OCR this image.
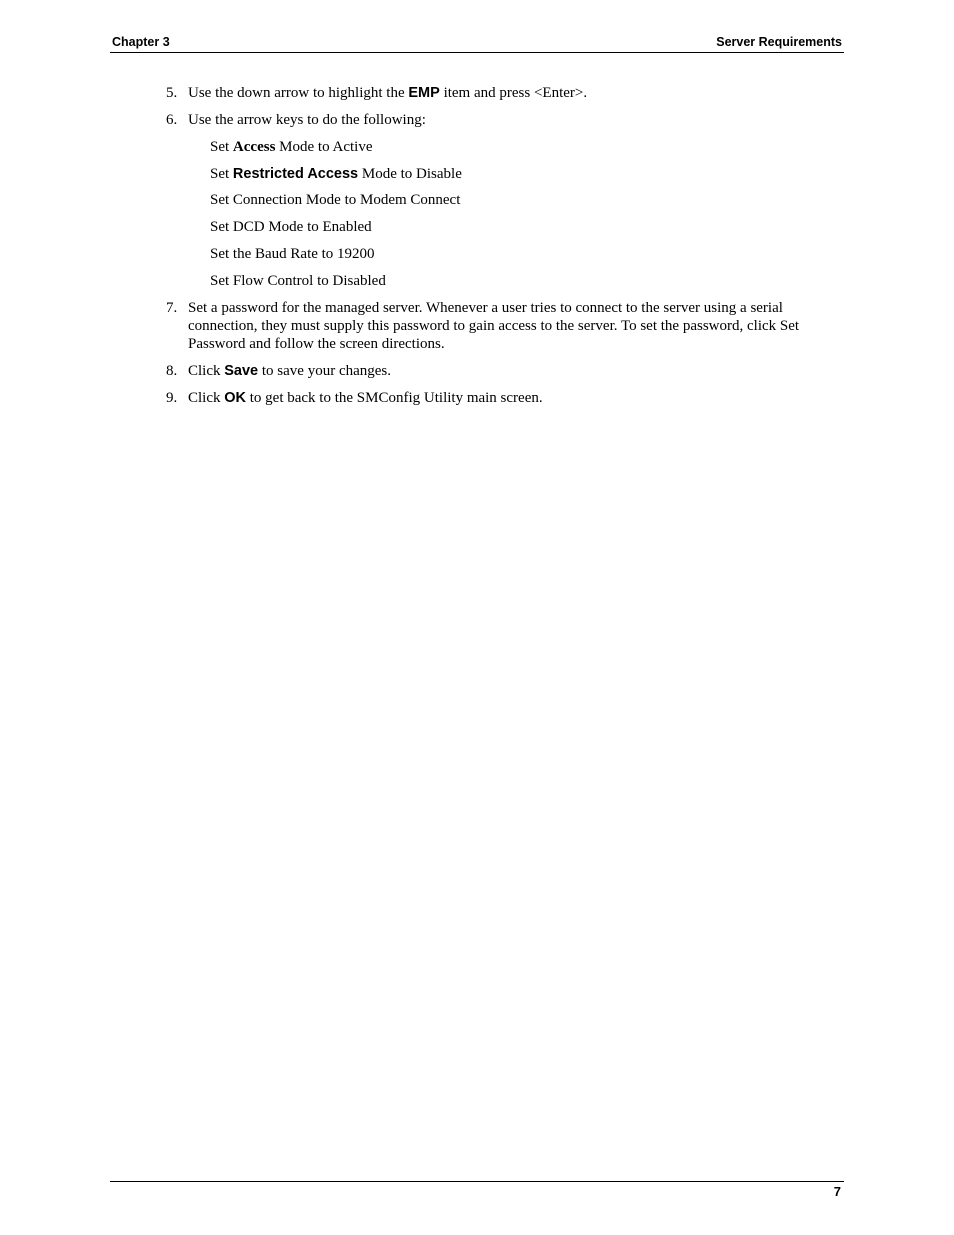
Chapter 3	Server Requirements
5. Use the down arrow to highlight the EMP item and press <Enter>.
6. Use the arrow keys to do the following:
Set Access Mode to Active
Set Restricted Access Mode to Disable
Set Connection Mode to Modem Connect
Set DCD Mode to Enabled
Set the Baud Rate to 19200
Set Flow Control to Disabled
7. Set a password for the managed server. Whenever a user tries to connect to the server using a serial
connection, they must supply this password to gain access to the server. To set the password, click Set
Password and follow the screen directions.
8. Click Save to save your changes.
9. Click OK to get back to the SMConfig Utility main screen.
7
